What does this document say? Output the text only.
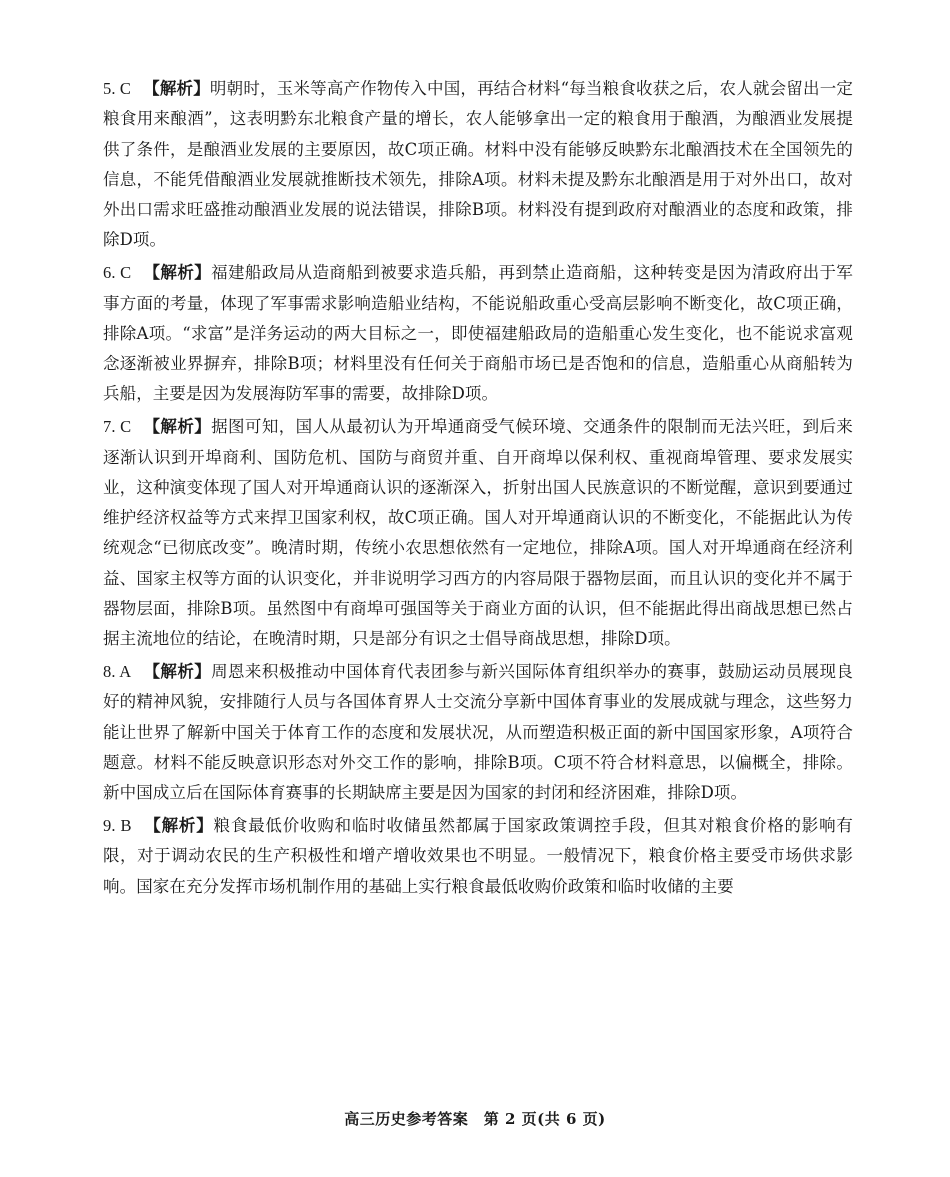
5. C 【解析】明朝时，玉米等高产作物传入中国，再结合材料“每当粮食收获之后，农人就会留出一定粮食用来酿酒”，这表明黔东北粮食产量的增长，农人能够拿出一定的粮食用于酿酒，为酿酒业发展提供了条件，是酿酒业发展的主要原因，故C项正确。材料中没有能够反映黔东北酿酒技术在全国领先的信息，不能凭借酿酒业发展就推断技术领先，排除A项。材料未提及黔东北酿酒是用于对外出口，故对外出口需求旺盛推动酿酒业发展的说法错误，排除B项。材料没有提到政府对酿酒业的态度和政策，排除D项。

6. C 【解析】福建船政局从造商船到被要求造兵船，再到禁止造商船，这种转变是因为清政府出于军事方面的考量，体现了军事需求影响造船业结构，不能说船政重心受高层影响不断变化，故C项正确，排除A项。“求富”是洋务运动的两大目标之一，即使福建船政局的造船重心发生变化，也不能说求富观念逐渐被业界摒弃，排除B项；材料里没有任何关于商船市场已是否饱和的信息，造船重心从商船转为兵船，主要是因为发展海防军事的需要，故排除D项。

7. C 【解析】据图可知，国人从最初认为开埠通商受气候环境、交通条件的限制而无法兴旺，到后来逐渐认识到开埠商利、国防危机、国防与商贸并重、自开商埠以保利权、重视商埠管理、要求发展实业，这种演变体现了国人对开埠通商认识的逐渐深入，折射出国人民族意识的不断觉醒，意识到要通过维护经济权益等方式来捍卫国家利权，故C项正确。国人对开埠通商认识的不断变化，不能据此认为传统观念“已彻底改变”。晚清时期，传统小农思想依然有一定地位，排除A项。国人对开埠通商在经济利益、国家主权等方面的认识变化，并非说明学习西方的内容局限于器物层面，而且认识的变化并不属于器物层面，排除B项。虽然图中有商埠可强国等关于商业方面的认识，但不能据此得出商战思想已然占据主流地位的结论，在晚清时期，只是部分有识之士倡导商战思想，排除D项。

8. A 【解析】周恩来积极推动中国体育代表团参与新兴国际体育组织举办的赛事，鼓励运动员展现良好的精神风貌，安排随行人员与各国体育界人士交流分享新中国体育事业的发展成就与理念，这些努力能让世界了解新中国关于体育工作的态度和发展状况，从而塑造积极正面的新中国国家形象，A项符合题意。材料不能反映意识形态对外交工作的影响，排除B项。C项不符合材料意思，以偏概全，排除。新中国成立后在国际体育赛事的长期缺席主要是因为国家的封闭和经济困难，排除D项。

9. B 【解析】粮食最低价收购和临时收储虽然都属于国家政策调控手段，但其对粮食价格的影响有限，对于调动农民的生产积极性和增产增收效果也不明显。一般情况下，粮食价格主要受市场供求影响。国家在充分发挥市场机制作用的基础上实行粮食最低收购价政策和临时收储的主要

高三历史参考答案　第 2 页(共 6 页)
